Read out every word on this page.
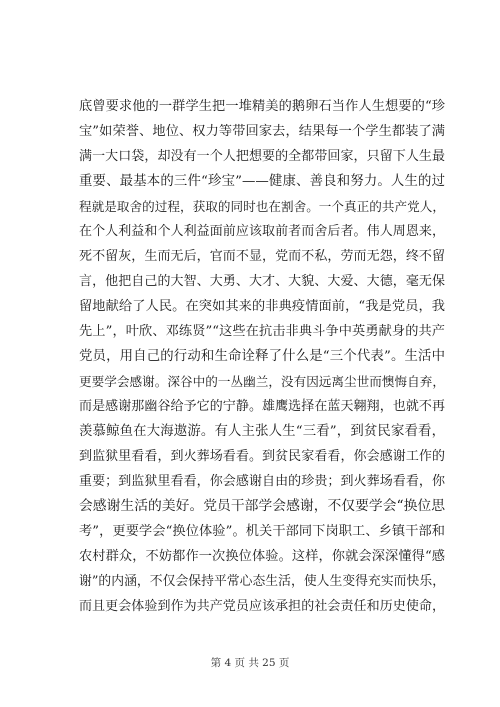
底曾要求他的一群学生把一堆精美的鹅卵石当作人生想要的“珍
宝”如荣誉、地位、权力等带回家去，结果每一个学生都装了满
满一大口袋，却没有一个人把想要的全都带回家，只留下人生最
重要、最基本的三件“珍宝”——健康、善良和努力。人生的过
程就是取舍的过程，获取的同时也在割舍。一个真正的共产党人，
在个人利益和个人利益面前应该取前者而舍后者。伟人周恩来，
死不留灰，生而无后，官而不显，党而不私，劳而无怨，终不留
言，他把自己的大智、大勇、大才、大貌、大爱、大德，毫无保
留地献给了人民。在突如其来的非典疫情面前，“我是党员，我
先上”，叶欣、邓练贤”“这些在抗击非典斗争中英勇献身的共产
党员，用自己的行动和生命诠释了什么是“三个代表”。生活中
更要学会感谢。深谷中的一丛幽兰，没有因远离尘世而懊悔自弃，
而是感谢那幽谷给予它的宁静。雄鹰选择在蓝天翱翔，也就不再
羡慕鲸鱼在大海遨游。有人主张人生“三看”，到贫民家看看，
到监狱里看看，到火葬场看看。到贫民家看看，你会感谢工作的
重要；到监狱里看看，你会感谢自由的珍贵；到火葬场看看，你
会感谢生活的美好。党员干部学会感谢，不仅要学会“换位思
考”，更要学会“换位体验”。机关干部同下岗职工、乡镇干部和
农村群众，不妨都作一次换位体验。这样，你就会深深懂得“感
谢”的内涵，不仅会保持平常心态生活，使人生变得充实而快乐，
而且更会体验到作为共产党员应该承担的社会责任和历史使命，
第 4 页 共 25 页
